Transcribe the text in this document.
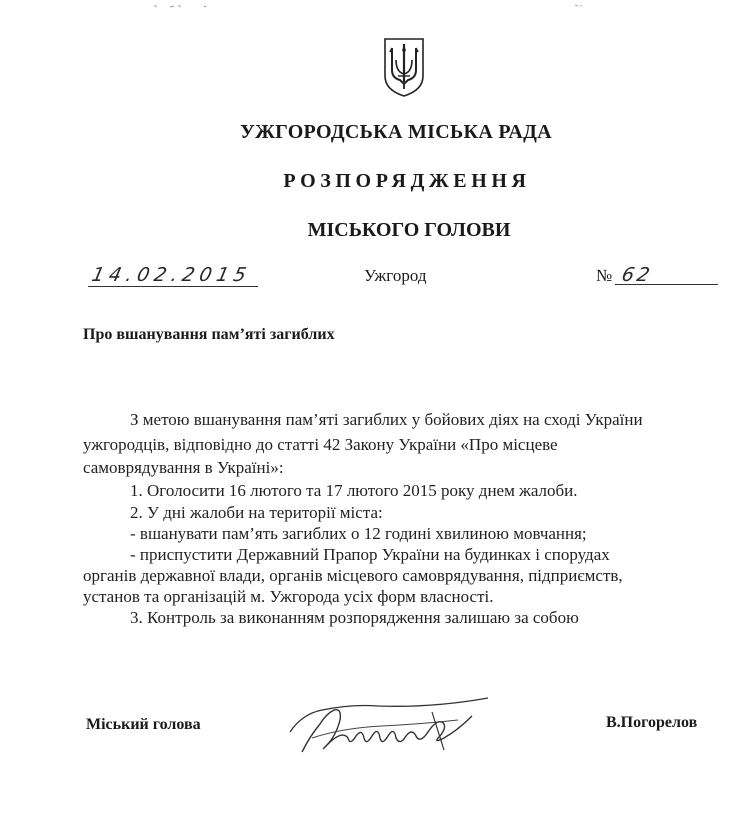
УЖГОРОДСЬКА МІСЬКА РАДА
РОЗПОРЯДЖЕННЯ
МІСЬКОГО ГОЛОВИ
14.02.2015	Ужгород	№ 62
Про вшанування пам’яті загиблих
З метою вшанування пам’яті загиблих у бойових діях на сході України
ужгородців, відповідно до статті 42 Закону України «Про місцеве
самоврядування в Україні»:
1. Оголосити 16 лютого та 17 лютого 2015 року днем жалоби.
2. У дні жалоби на території міста:
- вшанувати пам’ять загиблих о 12 годині хвилиною мовчання;
- приспустити Державний Прапор України на будинках і спорудах
органів державної влади, органів місцевого самоврядування, підприємств,
установ та організацій м. Ужгорода усіх форм власності.
3. Контроль за виконанням розпорядження залишаю за собою
Міський голова	В.Погорелов
